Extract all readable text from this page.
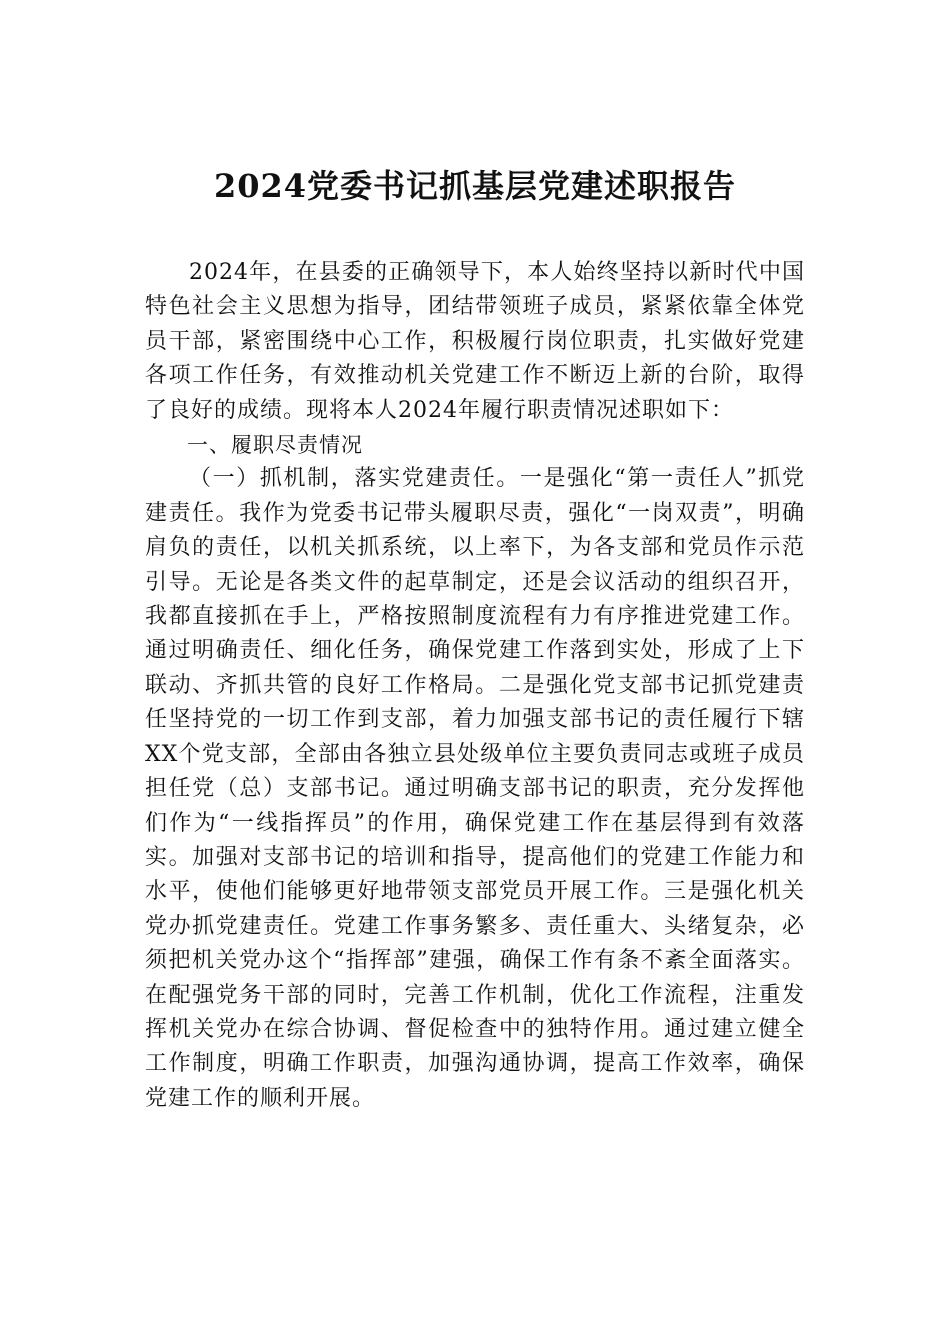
2024党委书记抓基层党建述职报告

2024年，在县委的正确领导下，本人始终坚持以新时代中国特色社会主义思想为指导，团结带领班子成员，紧紧依靠全体党员干部，紧密围绕中心工作，积极履行岗位职责，扎实做好党建各项工作任务，有效推动机关党建工作不断迈上新的台阶，取得了良好的成绩。现将本人2024年履行职责情况述职如下：

一、履职尽责情况

（一）抓机制，落实党建责任。一是强化“第一责任人”抓党建责任。我作为党委书记带头履职尽责，强化“一岗双责”，明确肩负的责任，以机关抓系统，以上率下，为各支部和党员作示范引导。无论是各类文件的起草制定，还是会议活动的组织召开，我都直接抓在手上，严格按照制度流程有力有序推进党建工作。通过明确责任、细化任务，确保党建工作落到实处，形成了上下联动、齐抓共管的良好工作格局。二是强化党支部书记抓党建责任坚持党的一切工作到支部，着力加强支部书记的责任履行下辖XX个党支部，全部由各独立县处级单位主要负责同志或班子成员担任党（总）支部书记。通过明确支部书记的职责，充分发挥他们作为“一线指挥员”的作用，确保党建工作在基层得到有效落实。加强对支部书记的培训和指导，提高他们的党建工作能力和水平，使他们能够更好地带领支部党员开展工作。三是强化机关党办抓党建责任。党建工作事务繁多、责任重大、头绪复杂，必须把机关党办这个“指挥部”建强，确保工作有条不紊全面落实。在配强党务干部的同时，完善工作机制，优化工作流程，注重发挥机关党办在综合协调、督促检查中的独特作用。通过建立健全工作制度，明确工作职责，加强沟通协调，提高工作效率，确保党建工作的顺利开展。
